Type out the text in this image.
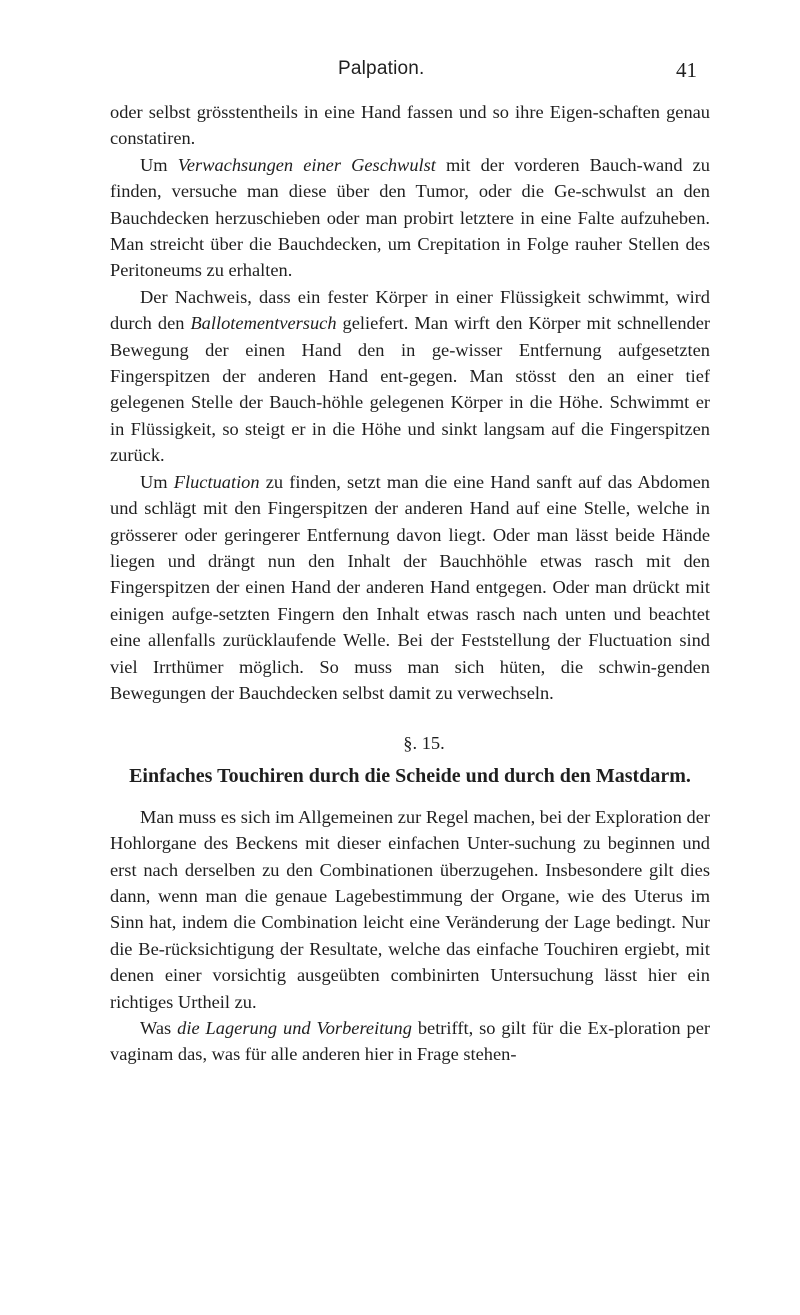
Palpation.	41

oder selbst grösstentheils in eine Hand fassen und so ihre Eigen-schaften genau constatiren.

Um Verwachsungen einer Geschwulst mit der vorderen Bauch-wand zu finden, versuche man diese über den Tumor, oder die Ge-schwulst an den Bauchdecken herzuschieben oder man probirt letztere in eine Falte aufzuheben. Man streicht über die Bauchdecken, um Crepitation in Folge rauher Stellen des Peritoneums zu erhalten.

Der Nachweis, dass ein fester Körper in einer Flüssigkeit schwimmt, wird durch den Ballotementversuch geliefert. Man wirft den Körper mit schnellender Bewegung der einen Hand den in ge-wisser Entfernung aufgesetzten Fingerspitzen der anderen Hand ent-gegen. Man stösst den an einer tief gelegenen Stelle der Bauch-höhle gelegenen Körper in die Höhe. Schwimmt er in Flüssigkeit, so steigt er in die Höhe und sinkt langsam auf die Fingerspitzen zurück.

Um Fluctuation zu finden, setzt man die eine Hand sanft auf das Abdomen und schlägt mit den Fingerspitzen der anderen Hand auf eine Stelle, welche in grösserer oder geringerer Entfernung davon liegt. Oder man lässt beide Hände liegen und drängt nun den Inhalt der Bauchhöhle etwas rasch mit den Fingerspitzen der einen Hand der anderen Hand entgegen. Oder man drückt mit einigen aufge-setzten Fingern den Inhalt etwas rasch nach unten und beachtet eine allenfalls zurücklaufende Welle. Bei der Feststellung der Fluctuation sind viel Irrthümer möglich. So muss man sich hüten, die schwin-genden Bewegungen der Bauchdecken selbst damit zu verwechseln.

§. 15.
Einfaches Touchiren durch die Scheide und durch den Mastdarm.

Man muss es sich im Allgemeinen zur Regel machen, bei der Exploration der Hohlorgane des Beckens mit dieser einfachen Unter-suchung zu beginnen und erst nach derselben zu den Combinationen überzugehen. Insbesondere gilt dies dann, wenn man die genaue Lagebestimmung der Organe, wie des Uterus im Sinn hat, indem die Combination leicht eine Veränderung der Lage bedingt. Nur die Be-rücksichtigung der Resultate, welche das einfache Touchiren ergiebt, mit denen einer vorsichtig ausgeübten combinirten Untersuchung lässt hier ein richtiges Urtheil zu.

Was die Lagerung und Vorbereitung betrifft, so gilt für die Ex-ploration per vaginam das, was für alle anderen hier in Frage stehen-
